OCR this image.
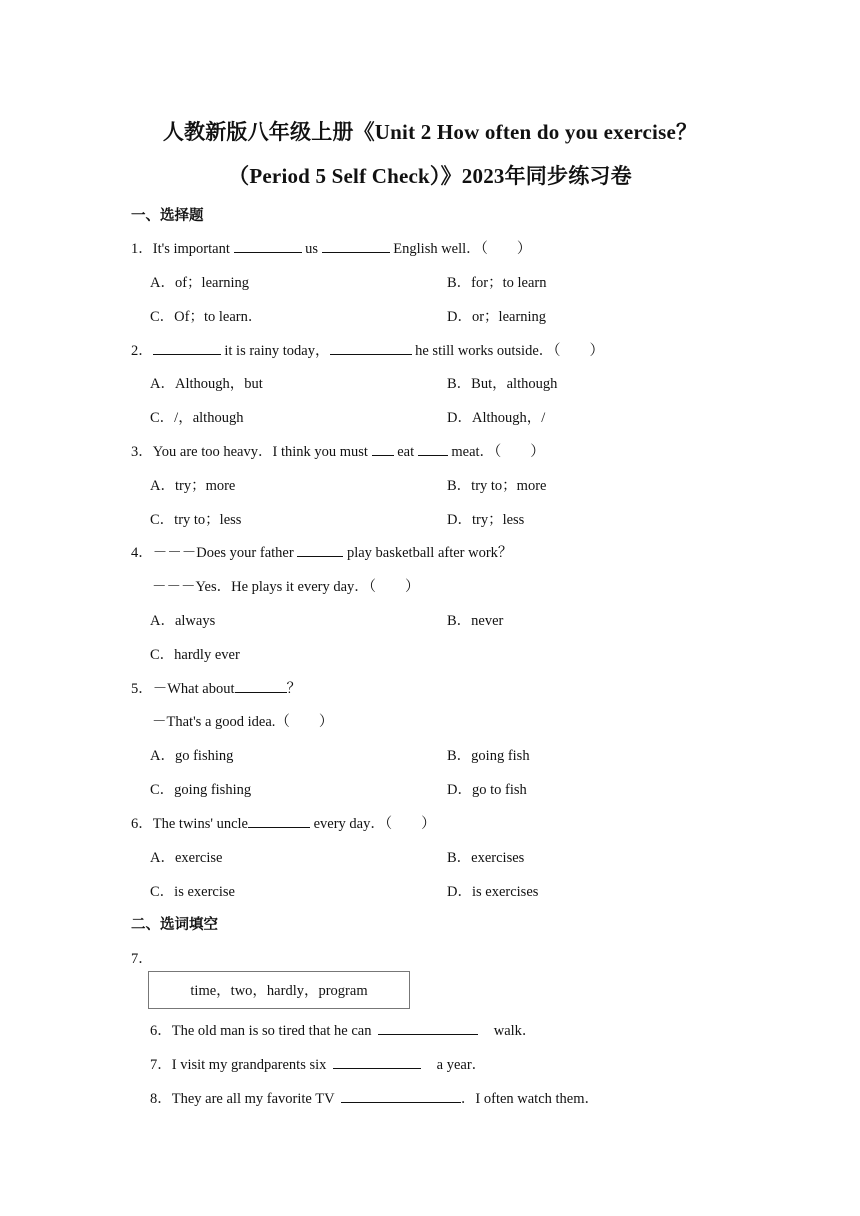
人教新版八年级上册《Unit 2 How often do you exercise？
（Period 5 Self Check）》2023年同步练习卷
一、选择题
1．It's important	us	English well．（　　）
A．of；learning	B．for；to learn
C．Of；to learn．	D．or；learning
2．	it is rainy today，	he still works outside．（　　）
A．Although，but	B．But，although
C．/，although	D．Although，/
3．You are too heavy．I think you must  eat  meat．（　　）
A．try；more	B．try to；more
C．try to；less	D．try；less
4．－－－Does your father	play basketball after work？
－－－Yes．He plays it every day．（　　）
A．always	B．never
C．hardly ever
5．－What about	？
－That's a good idea.（　　）
A．go fishing	B．going fish
C．going fishing	D．go to fish
6．The twins' uncle	every day．（　　）
A．exercise	B．exercises
C．is exercise	D．is exercises
二、选词填空
7．
time，two，hardly，program
6．The old man is so tired that he can	walk．
7．I visit my grandparents six	a year．
8．They are all my favorite TV	．I often watch them．
